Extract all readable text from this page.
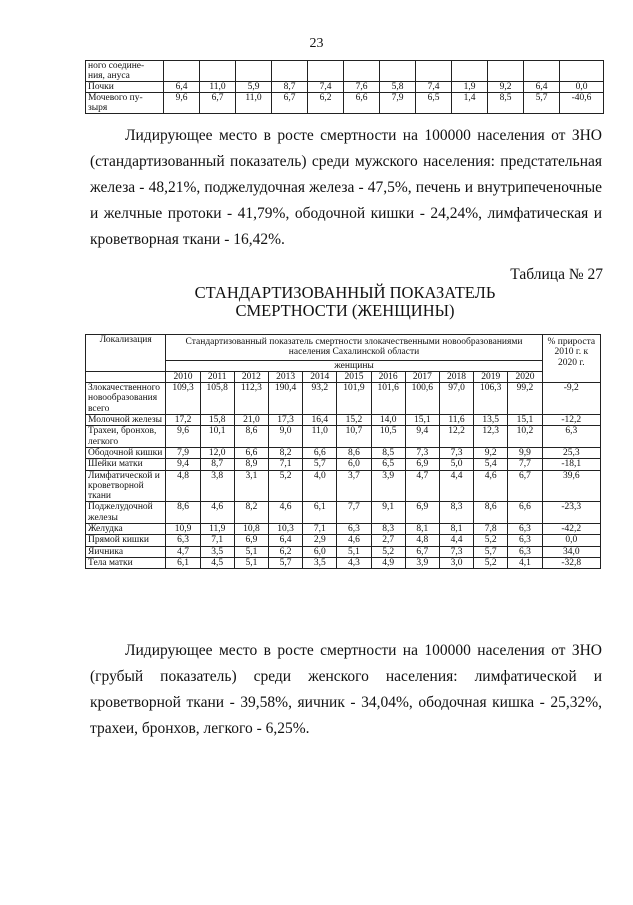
23
ного соедине-ния, ануса												
Почки	6,4	11,0	5,9	8,7	7,4	7,6	5,8	7,4	1,9	9,2	6,4	0,0
Мочевого пу-зыря	9,6	6,7	11,0	6,7	6,2	6,6	7,9	6,5	1,4	8,5	5,7	-40,6

Лидирующее место в росте смертности на 100000 населения от ЗНО (стандартизованный показатель) среди мужского населения: предстательная железа - 48,21%, поджелудочная железа - 47,5%, печень и внутрипеченочные и желчные протоки - 41,79%, ободочной кишки - 24,24%, лимфатическая и кроветворная ткани - 16,42%.

Таблица № 27
СТАНДАРТИЗОВАННЫЙ ПОКАЗАТЕЛЬ
СМЕРТНОСТИ (ЖЕНЩИНЫ)
Локализация	Стандартизованный показатель смертности злокачественными новообразованиями населения Сахалинской области											% прироста 2010 г. к 2020 г.
	женщины											
	2010	2011	2012	2013	2014	2015	2016	2017	2018	2019	2020	
Злокачественного новообразования всего	109,3	105,8	112,3	190,4	93,2	101,9	101,6	100,6	97,0	106,3	99,2	-9,2
Молочной железы	17,2	15,8	21,0	17,3	16,4	15,2	14,0	15,1	11,6	13,5	15,1	-12,2
Трахеи, бронхов, легкого	9,6	10,1	8,6	9,0	11,0	10,7	10,5	9,4	12,2	12,3	10,2	6,3
Ободочной кишки	7,9	12,0	6,6	8,2	6,6	8,6	8,5	7,3	7,3	9,2	9,9	25,3
Шейки матки	9,4	8,7	8,9	7,1	5,7	6,0	6,5	6,9	5,0	5,4	7,7	-18,1
Лимфатической и кроветворной ткани	4,8	3,8	3,1	5,2	4,0	3,7	3,9	4,7	4,4	4,6	6,7	39,6
Поджелудочной железы	8,6	4,6	8,2	4,6	6,1	7,7	9,1	6,9	8,3	8,6	6,6	-23,3
Желудка	10,9	11,9	10,8	10,3	7,1	6,3	8,3	8,1	8,1	7,8	6,3	-42,2
Прямой кишки	6,3	7,1	6,9	6,4	2,9	4,6	2,7	4,8	4,4	5,2	6,3	0,0
Яичника	4,7	3,5	5,1	6,2	6,0	5,1	5,2	6,7	7,3	5,7	6,3	34,0
Тела матки	6,1	4,5	5,1	5,7	3,5	4,3	4,9	3,9	3,0	5,2	4,1	-32,8

Лидирующее место в росте смертности на 100000 населения от ЗНО (грубый показатель) среди женского населения: лимфатической и кроветворной ткани - 39,58%, яичник - 34,04%, ободочная кишка - 25,32%, трахеи, бронхов, легкого - 6,25%.
